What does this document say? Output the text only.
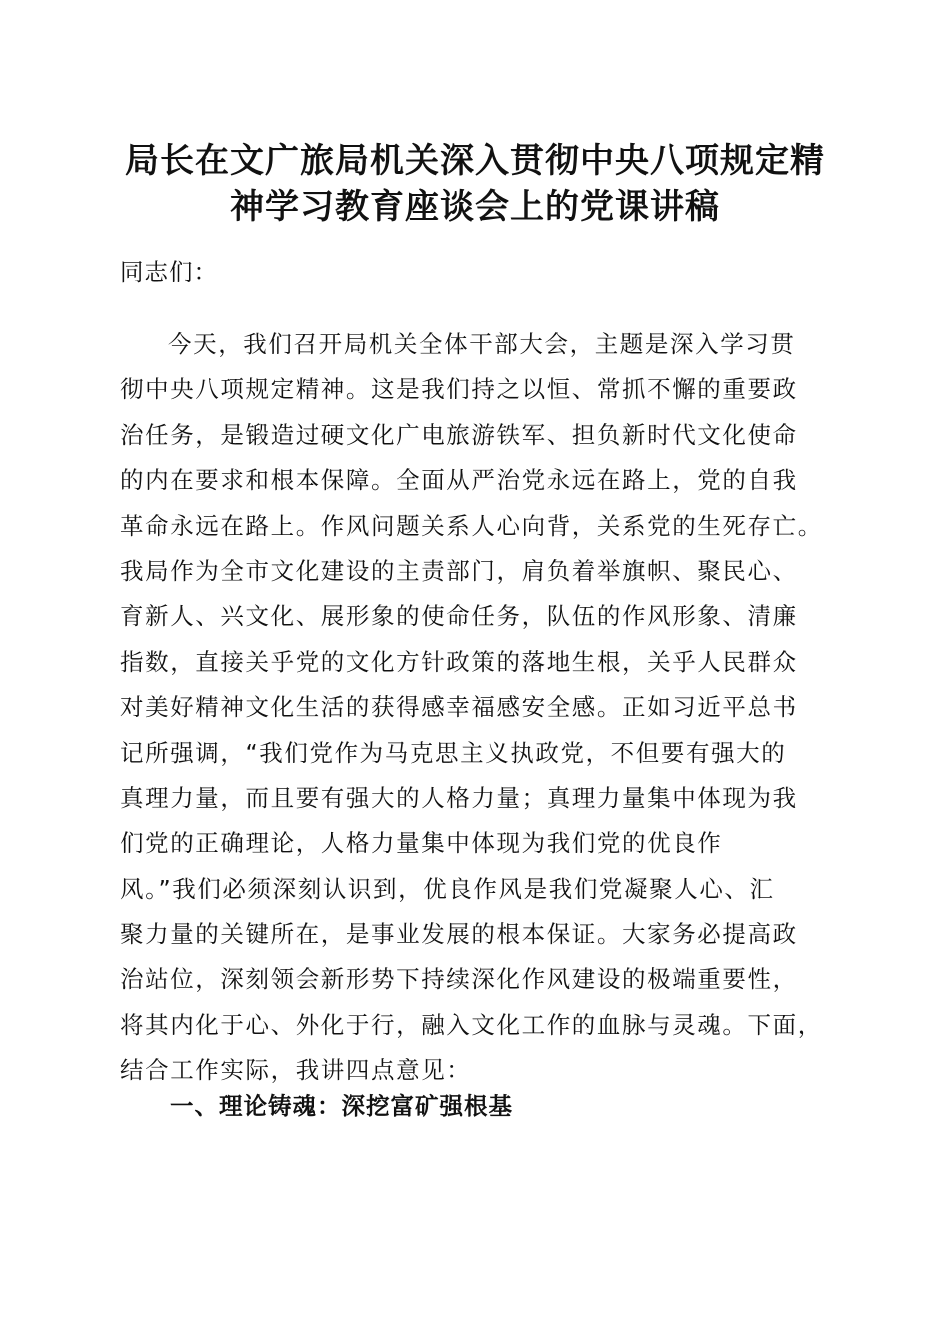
局长在文广旅局机关深入贯彻中央八项规定精
神学习教育座谈会上的党课讲稿

同志们：

今天，我们召开局机关全体干部大会，主题是深入学习贯
彻中央八项规定精神。这是我们持之以恒、常抓不懈的重要政
治任务，是锻造过硬文化广电旅游铁军、担负新时代文化使命
的内在要求和根本保障。全面从严治党永远在路上，党的自我
革命永远在路上。作风问题关系人心向背，关系党的生死存亡。
我局作为全市文化建设的主责部门，肩负着举旗帜、聚民心、
育新人、兴文化、展形象的使命任务，队伍的作风形象、清廉
指数，直接关乎党的文化方针政策的落地生根，关乎人民群众
对美好精神文化生活的获得感幸福感安全感。正如习近平总书
记所强调，“我们党作为马克思主义执政党，不但要有强大的
真理力量，而且要有强大的人格力量；真理力量集中体现为我
们党的正确理论，人格力量集中体现为我们党的优良作
风。”我们必须深刻认识到，优良作风是我们党凝聚人心、汇
聚力量的关键所在，是事业发展的根本保证。大家务必提高政
治站位，深刻领会新形势下持续深化作风建设的极端重要性，
将其内化于心、外化于行，融入文化工作的血脉与灵魂。下面，
结合工作实际，我讲四点意见：
一、理论铸魂：深挖富矿强根基
